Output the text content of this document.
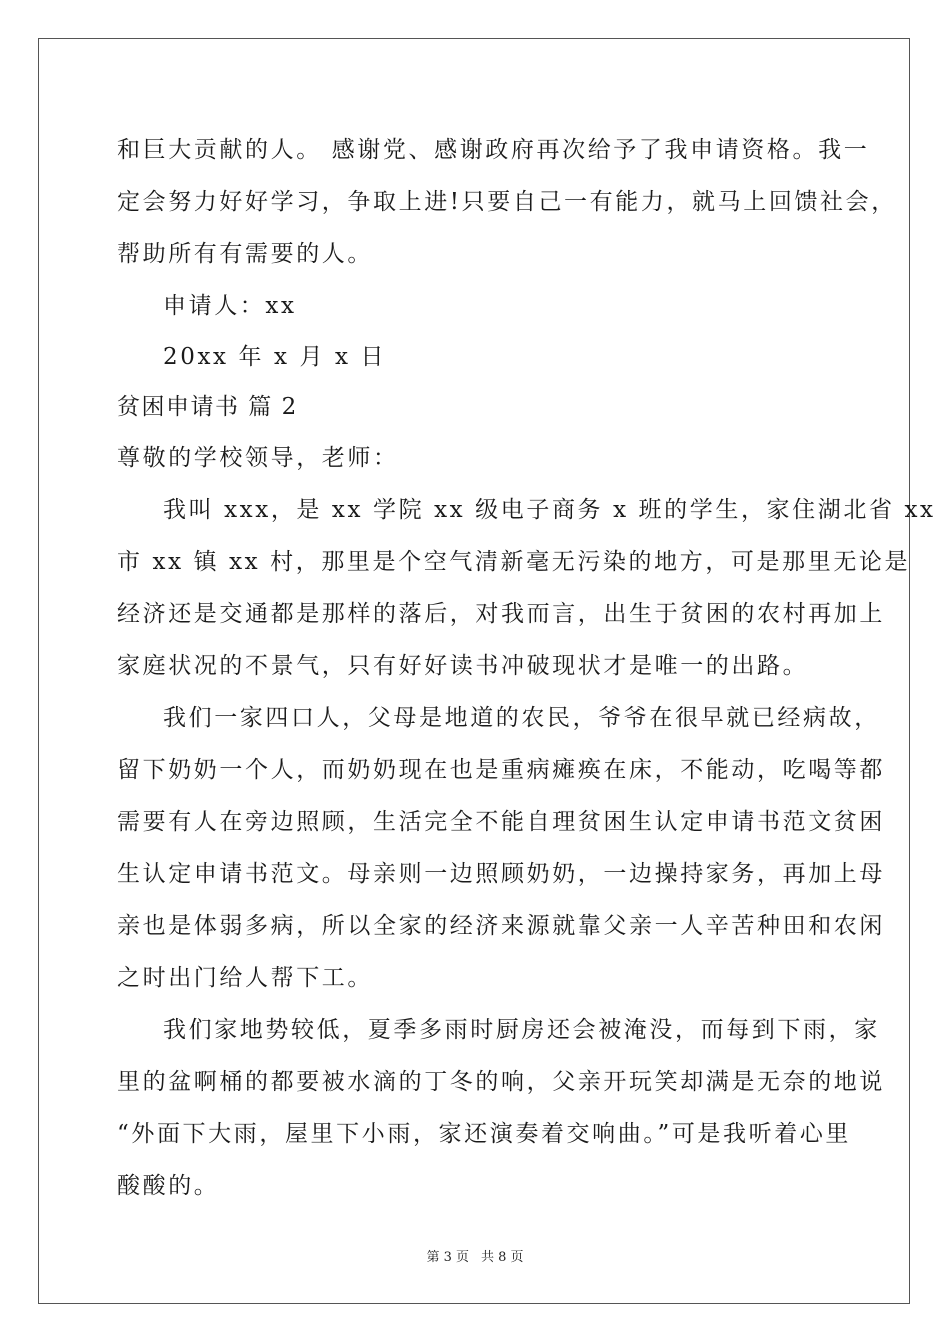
和巨大贡献的人。 感谢党、感谢政府再次给予了我申请资格。我一
定会努力好好学习，争取上进!只要自己一有能力，就马上回馈社会，
帮助所有有需要的人。
申请人：xx
20xx 年 x 月 x 日
贫困申请书 篇 2
尊敬的学校领导，老师：
我叫 xxx，是 xx 学院 xx 级电子商务 x 班的学生，家住湖北省 xx
市 xx 镇 xx 村，那里是个空气清新毫无污染的地方，可是那里无论是
经济还是交通都是那样的落后，对我而言，出生于贫困的农村再加上
家庭状况的不景气，只有好好读书冲破现状才是唯一的出路。
我们一家四口人，父母是地道的农民，爷爷在很早就已经病故，
留下奶奶一个人，而奶奶现在也是重病瘫痪在床，不能动，吃喝等都
需要有人在旁边照顾，生活完全不能自理贫困生认定申请书范文贫困
生认定申请书范文。母亲则一边照顾奶奶，一边操持家务，再加上母
亲也是体弱多病，所以全家的经济来源就靠父亲一人辛苦种田和农闲
之时出门给人帮下工。
我们家地势较低，夏季多雨时厨房还会被淹没，而每到下雨，家
里的盆啊桶的都要被水滴的丁冬的响，父亲开玩笑却满是无奈的地说
“外面下大雨，屋里下小雨，家还演奏着交响曲。”可是我听着心里
酸酸的。
第 3 页 共 8 页
